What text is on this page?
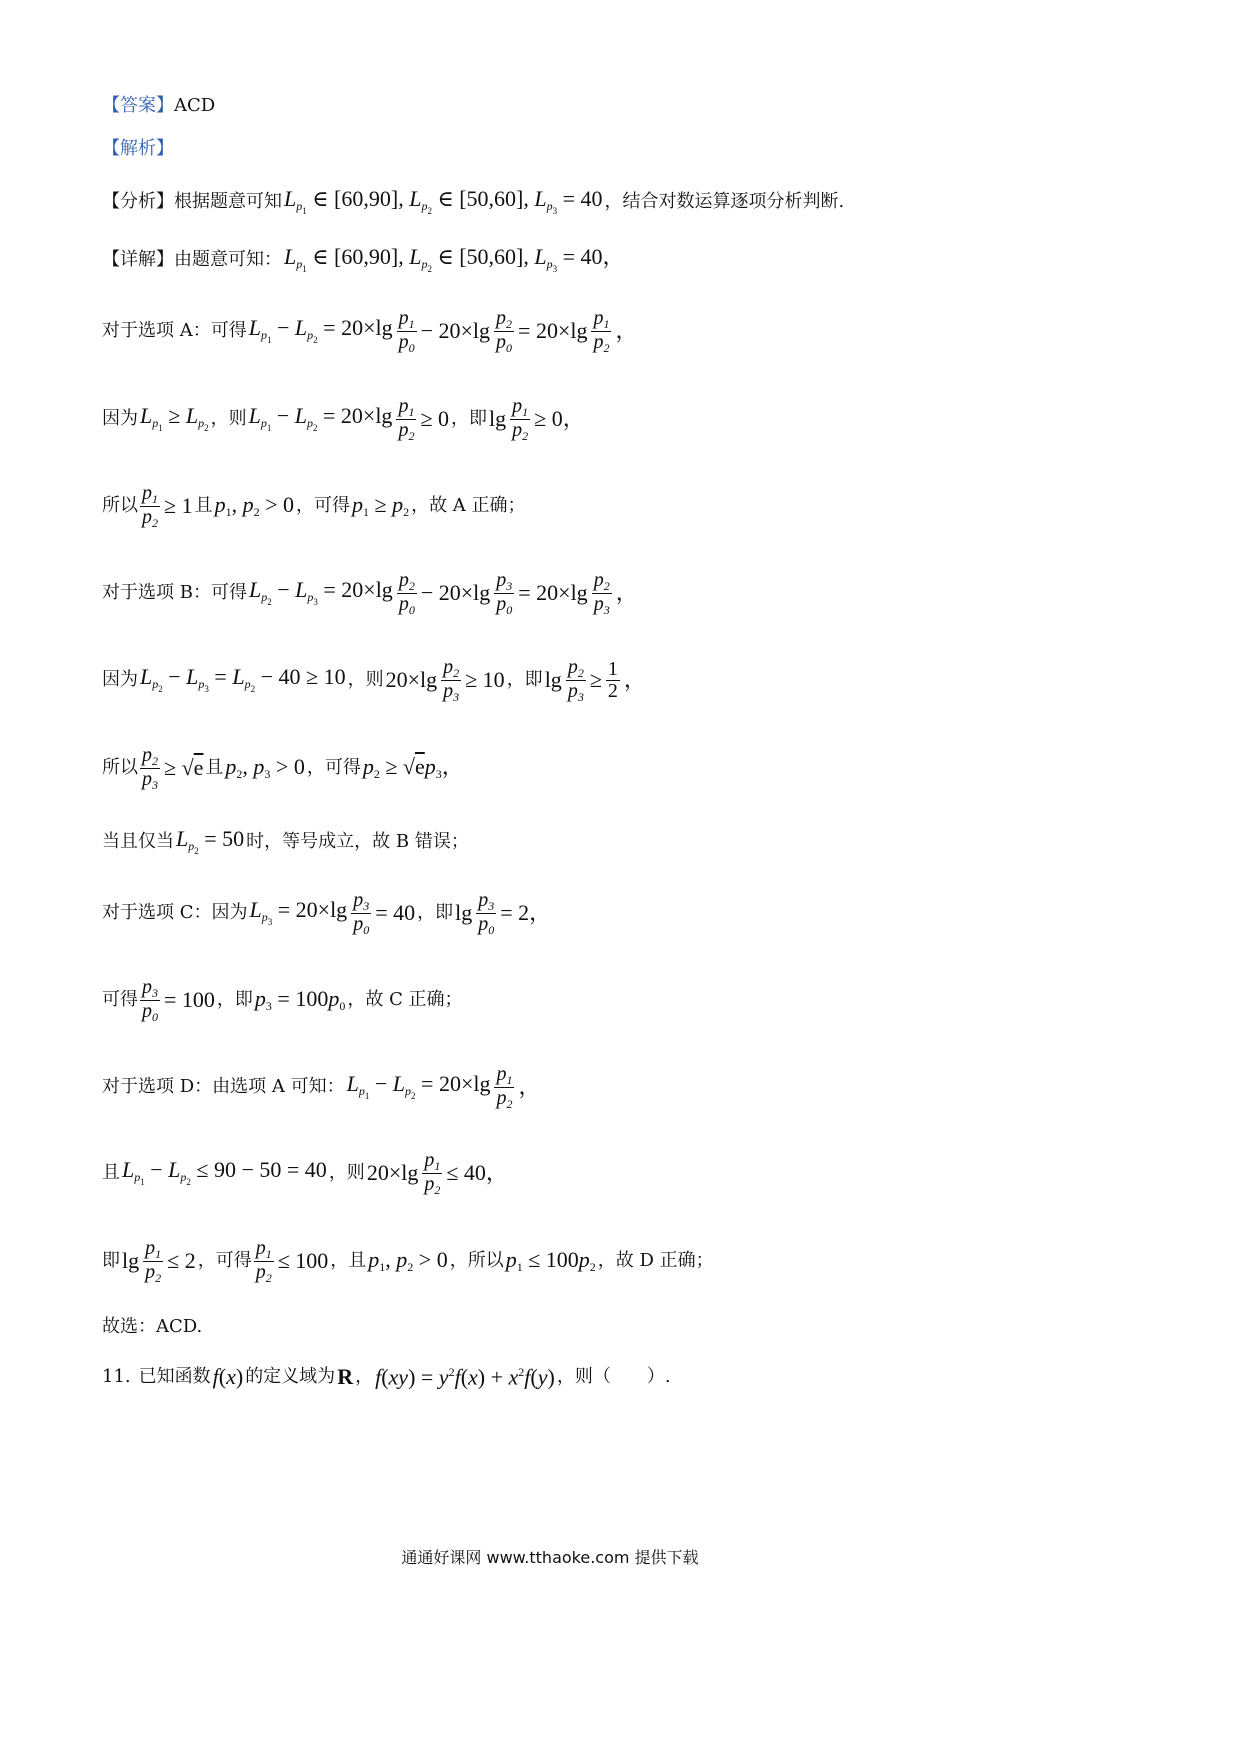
【答案】 ACD
【解析】
【分析】 根据题意可知 $L_{p_1}$ ∈ [60,90], $L_{p_2}$ ∈ [50,60], $L_{p_3} = 40$ ，结合对数运算逐项分析判断.
【详解】 由题意可知： $L_{p_1}$ ∈ [60,90], $L_{p_2}$ ∈ [50,60], $L_{p_3} = 40$，
对于选项 A：可得 $L_{p_1} - L_{p_2} = 20\times\lg \frac{p_1}{p_0} - 20\times\lg \frac{p_2}{p_0} = 20\times\lg \frac{p_1}{p_2}$ ，
因为 $L_{p_1} \ge L_{p_2}$ ，则 $L_{p_1} - L_{p_2} = 20\times\lg \frac{p_1}{p_2} \ge 0$ ，即 $\lg \frac{p_1}{p_2} \ge 0$，
所以 $\frac{p_1}{p_2} \ge 1$ 且 $p_1$, $p_2 > 0$ ，可得 $p_1 \ge p_2$ ，故 A 正确；
对于选项 B：可得 $L_{p_2} - L_{p_3} = 20\times\lg \frac{p_2}{p_0} - 20\times\lg \frac{p_3}{p_0} = 20\times\lg \frac{p_2}{p_3}$ ，
因为 $L_{p_2} - L_{p_3} = L_{p_2} - 40 \ge 10$ ，则 $20\times\lg \frac{p_2}{p_3} \ge 10$ ，即 $\lg \frac{p_2}{p_3} \ge \frac{1}{2}$ ，
所以 $\frac{p_2}{p_3} \ge √e$ 且 $p_2$, $p_3 > 0$ ，可得 $p_2 \ge √ep_3$，
当且仅当 $L_{p_2} = 50$ 时，等号成立，故 B 错误；
对于选项 C：因为 $L_{p_3} = 20\times\lg \frac{p_3}{p_0} = 40$ ，即 $\lg \frac{p_3}{p_0} = 2$，
可得 $\frac{p_3}{p_0} = 100$ ，即 $p_3 = 100p_0$ ，故 C 正确；
对于选项 D：由选项 A 可知： $L_{p_1} - L_{p_2} = 20\times\lg \frac{p_1}{p_2}$ ，
且 $L_{p_1} - L_{p_2} \le 90 - 50 = 40$ ，则 $20\times\lg \frac{p_1}{p_2} \le 40$，
即 $\lg \frac{p_1}{p_2} \le 2$ ，可得 $\frac{p_1}{p_2} \le 100$ ，且 $p_1$, $p_2 > 0$ ，所以 $p_1 \le 100p_2$ ，故 D 正确；
故选：ACD.
11. 已知函数 f(x) 的定义域为 R ， $f(xy) = y^2f(x) + x^2f(y)$ ，则（　　）.
通通好课网 www.tthaoke.com 提供下载
